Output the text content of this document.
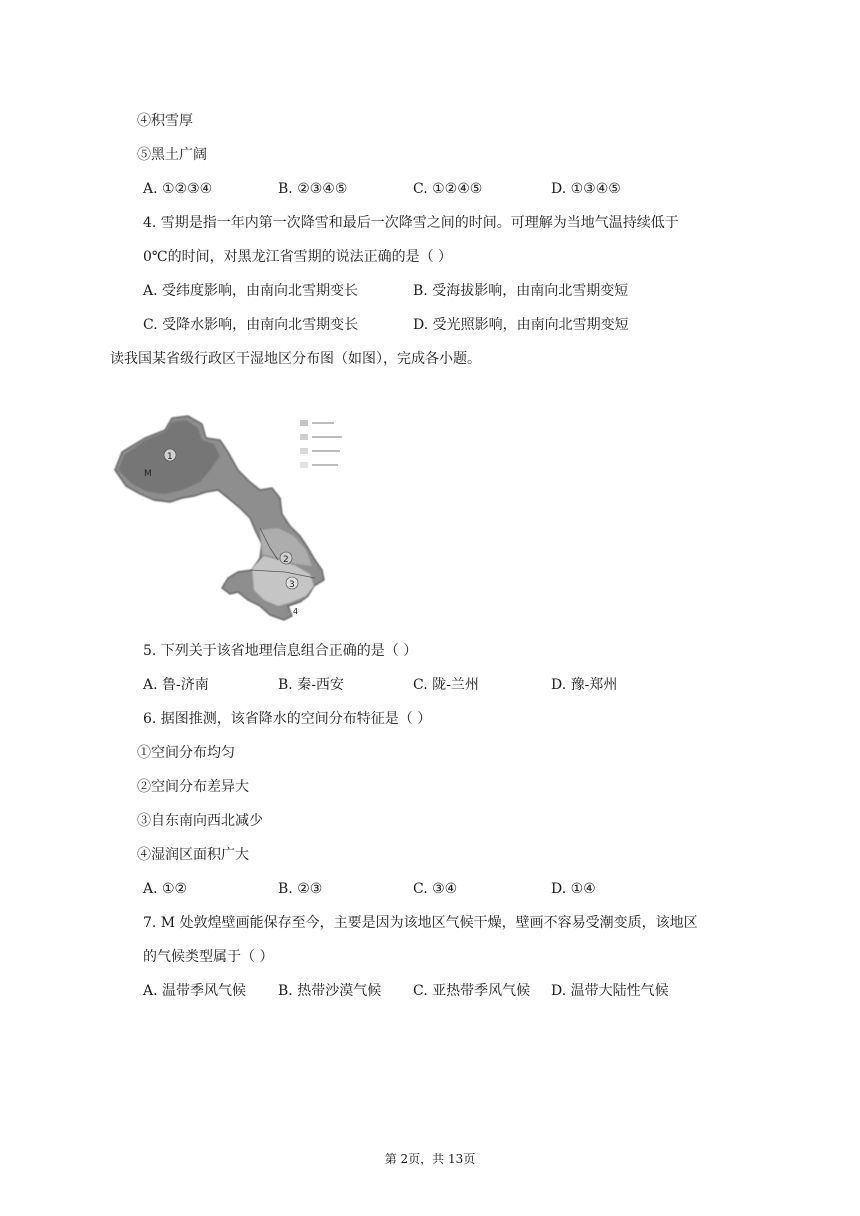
④积雪厚
⑤黑土广阔
A. ①②③④	B. ②③④⑤	C. ①②④⑤	D. ①③④⑤
4. 雪期是指一年内第一次降雪和最后一次降雪之间的时间。可理解为当地气温持续低于
0℃的时间，对黑龙江省雪期的说法正确的是（ ）
A. 受纬度影响，由南向北雪期变长	B. 受海拔影响，由南向北雪期变短
C. 受降水影响，由南向北雪期变长	D. 受光照影响，由南向北雪期变短
读我国某省级行政区干湿地区分布图（如图），完成各小题。
1
M
2
3
4
5. 下列关于该省地理信息组合正确的是（ ）
A. 鲁-济南	B. 秦-西安	C. 陇-兰州	D. 豫-郑州
6. 据图推测，该省降水的空间分布特征是（ ）
①空间分布均匀
②空间分布差异大
③自东南向西北减少
④湿润区面积广大
A. ①②	B. ②③	C. ③④	D. ①④
7. M 处敦煌壁画能保存至今，主要是因为该地区气候干燥，壁画不容易受潮变质，该地区
的气候类型属于（ ）
A. 温带季风气候 B. 热带沙漠气候 C. 亚热带季风气候 D. 温带大陆性气候
第 2页，共 13页
